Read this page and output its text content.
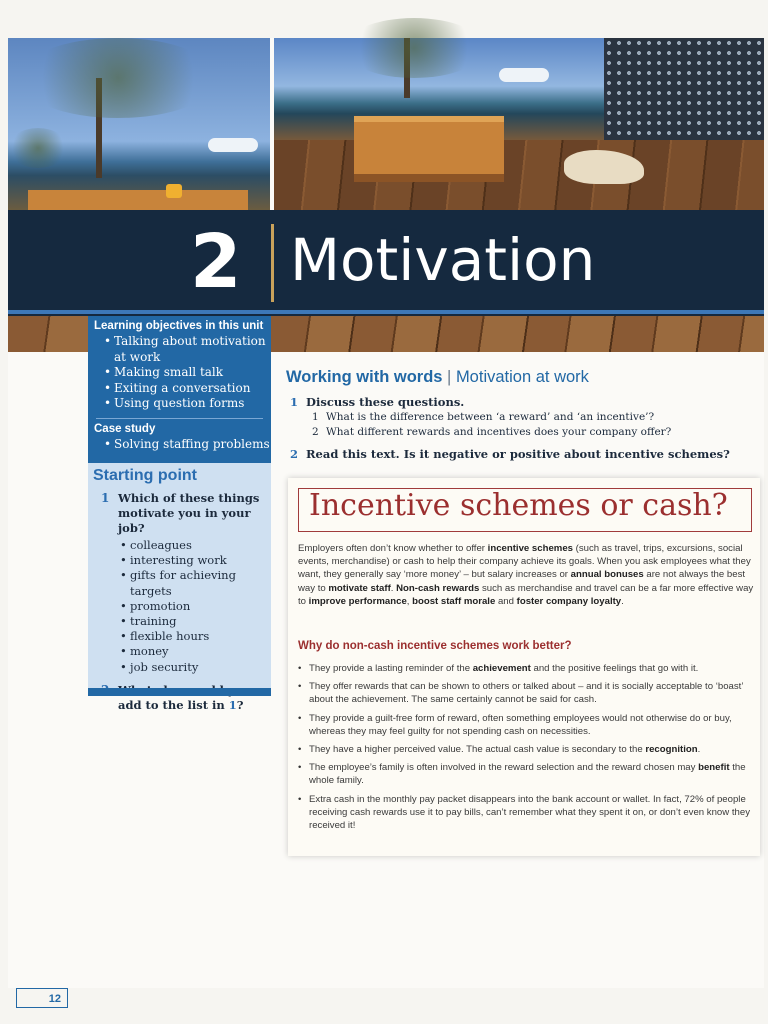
2 Motivation
Learning objectives in this unit
• Talking about motivation at work
• Making small talk
• Exiting a conversation
• Using question forms
Case study
• Solving staffing problems
Starting point
1 Which of these things motivate you in your job?
• colleagues
• interesting work
• gifts for achieving targets
• promotion
• training
• flexible hours
• money
• job security
add to the list in 1?
Working with words | Motivation at work
1 Discuss these questions.
1 What is the difference between ‘a reward’ and ‘an incentive’?
2 What different rewards and incentives does your company offer?
2 Read this text. Is it negative or positive about incentive schemes?
Incentive schemes or cash?
Employers often don’t know whether to offer incentive schemes (such as travel, trips, excursions, social events, merchandise) or cash to help their company achieve its goals. When you ask employees what they want, they generally say ‘more money’ – but salary increases or annual bonuses are not always the best way to motivate staff. Non-cash rewards such as merchandise and travel can be a far more effective way to improve performance, boost staff morale and foster company loyalty.
Why do non-cash incentive schemes work better?
• They provide a lasting reminder of the achievement and the positive feelings that go with it.
• They offer rewards that can be shown to others or talked about – and it is socially acceptable to ‘boast’ about the achievement. The same certainly cannot be said for cash.
• They provide a guilt-free form of reward, often something employees would not otherwise do or buy, whereas they may feel guilty for not spending cash on necessities.
• They have a higher perceived value. The actual cash value is secondary to the recognition.
• The employee’s family is often involved in the reward selection and the reward chosen may benefit the whole family.
• Extra cash in the monthly pay packet disappears into the bank account or wallet. In fact, 72% of people receiving cash rewards use it to pay bills, can’t remember what they spent it on, or don’t even know they received it!
12
